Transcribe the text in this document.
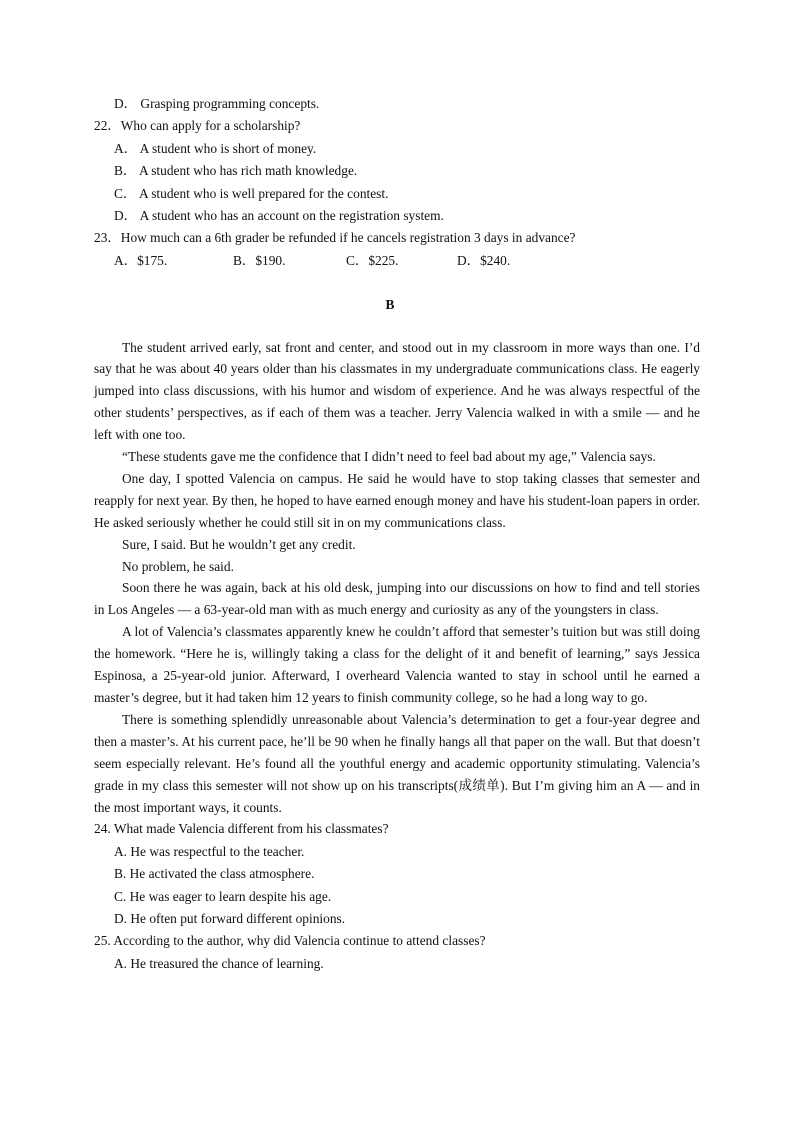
D． Grasping programming concepts.
22．Who can apply for a scholarship?
A． A student who is short of money.
B． A student who has rich math knowledge.
C． A student who is well prepared for the contest.
D． A student who has an account on the registration system.
23．How much can a 6th grader be refunded if he cancels registration 3 days in advance?
A．$175.	B．$190.	C．$225.	D．$240.
B

The student arrived early, sat front and center, and stood out in my classroom in more ways than one. I’d say that he was about 40 years older than his classmates in my undergraduate communications class. He eagerly jumped into class discussions, with his humor and wisdom of experience. And he was always respectful of the other students’ perspectives, as if each of them was a teacher. Jerry Valencia walked in with a smile — and he left with one too.

“These students gave me the confidence that I didn’t need to feel bad about my age,” Valencia says.

One day, I spotted Valencia on campus. He said he would have to stop taking classes that semester and reapply for next year. By then, he hoped to have earned enough money and have his student-loan papers in order. He asked seriously whether he could still sit in on my communications class.

Sure, I said. But he wouldn’t get any credit.

No problem, he said.

Soon there he was again, back at his old desk, jumping into our discussions on how to find and tell stories in Los Angeles — a 63-year-old man with as much energy and curiosity as any of the youngsters in class.

A lot of Valencia’s classmates apparently knew he couldn’t afford that semester’s tuition but was still doing the homework. “Here he is, willingly taking a class for the delight of it and benefit of learning,” says Jessica Espinosa, a 25-year-old junior. Afterward, I overheard Valencia wanted to stay in school until he earned a master’s degree, but it had taken him 12 years to finish community college, so he had a long way to go.

There is something splendidly unreasonable about Valencia’s determination to get a four-year degree and then a master’s. At his current pace, he’ll be 90 when he finally hangs all that paper on the wall. But that doesn’t seem especially relevant. He’s found all the youthful energy and academic opportunity stimulating. Valencia’s grade in my class this semester will not show up on his transcripts(成绩单). But I’m giving him an A — and in the most important ways, it counts.

24. What made Valencia different from his classmates?
A. He was respectful to the teacher.
B. He activated the class atmosphere.
C. He was eager to learn despite his age.
D. He often put forward different opinions.
25. According to the author, why did Valencia continue to attend classes?
A. He treasured the chance of learning.
